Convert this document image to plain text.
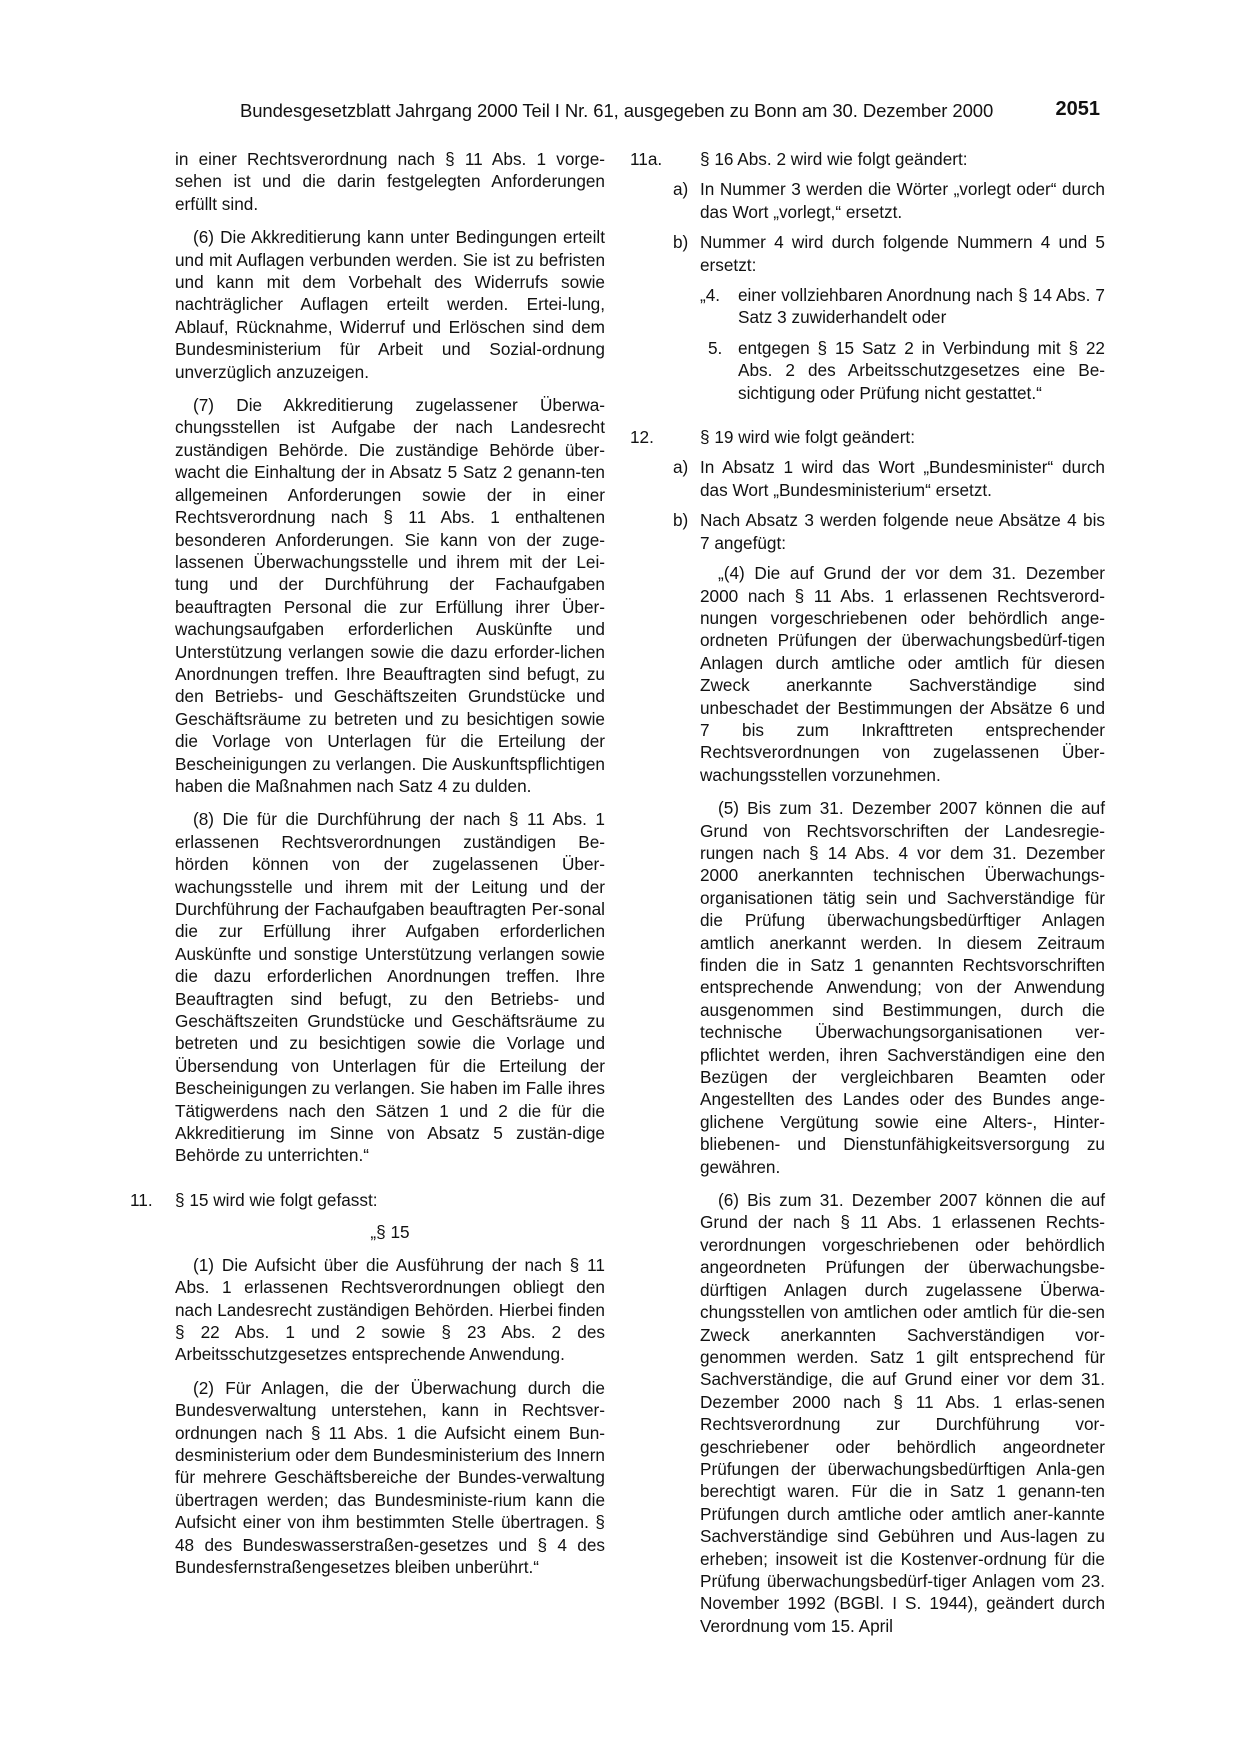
Bundesgesetzblatt Jahrgang 2000 Teil I Nr. 61, ausgegeben zu Bonn am 30. Dezember 2000	2051

in einer Rechtsverordnung nach § 11 Abs. 1 vorge-sehen ist und die darin festgelegten Anforderungen erfüllt sind.

(6) Die Akkreditierung kann unter Bedingungen erteilt und mit Auflagen verbunden werden. Sie ist zu befristen und kann mit dem Vorbehalt des Widerrufs sowie nachträglicher Auflagen erteilt werden. Ertei-lung, Ablauf, Rücknahme, Widerruf und Erlöschen sind dem Bundesministerium für Arbeit und Sozial-ordnung unverzüglich anzuzeigen.

(7) Die Akkreditierung zugelassener Überwa-chungsstellen ist Aufgabe der nach Landesrecht zuständigen Behörde. Die zuständige Behörde über-wacht die Einhaltung der in Absatz 5 Satz 2 genann-ten allgemeinen Anforderungen sowie der in einer Rechtsverordnung nach § 11 Abs. 1 enthaltenen besonderen Anforderungen. Sie kann von der zuge-lassenen Überwachungsstelle und ihrem mit der Lei-tung und der Durchführung der Fachaufgaben beauftragten Personal die zur Erfüllung ihrer Über-wachungsaufgaben erforderlichen Auskünfte und Unterstützung verlangen sowie die dazu erforder-lichen Anordnungen treffen. Ihre Beauftragten sind befugt, zu den Betriebs- und Geschäftszeiten Grundstücke und Geschäftsräume zu betreten und zu besichtigen sowie die Vorlage von Unterlagen für die Erteilung der Bescheinigungen zu verlangen. Die Auskunftspflichtigen haben die Maßnahmen nach Satz 4 zu dulden.

(8) Die für die Durchführung der nach § 11 Abs. 1 erlassenen Rechtsverordnungen zuständigen Be-hörden können von der zugelassenen Über-wachungsstelle und ihrem mit der Leitung und der Durchführung der Fachaufgaben beauftragten Per-sonal die zur Erfüllung ihrer Aufgaben erforderlichen Auskünfte und sonstige Unterstützung verlangen sowie die dazu erforderlichen Anordnungen treffen. Ihre Beauftragten sind befugt, zu den Betriebs- und Geschäftszeiten Grundstücke und Geschäftsräume zu betreten und zu besichtigen sowie die Vorlage und Übersendung von Unterlagen für die Erteilung der Bescheinigungen zu verlangen. Sie haben im Falle ihres Tätigwerdens nach den Sätzen 1 und 2 die für die Akkreditierung im Sinne von Absatz 5 zustän-dige Behörde zu unterrichten.“

11. § 15 wird wie folgt gefasst:
„§ 15

(1) Die Aufsicht über die Ausführung der nach § 11 Abs. 1 erlassenen Rechtsverordnungen obliegt den nach Landesrecht zuständigen Behörden. Hierbei finden § 22 Abs. 1 und 2 sowie § 23 Abs. 2 des Arbeitsschutzgesetzes entsprechende Anwendung.

(2) Für Anlagen, die der Überwachung durch die Bundesverwaltung unterstehen, kann in Rechtsver-ordnungen nach § 11 Abs. 1 die Aufsicht einem Bun-desministerium oder dem Bundesministerium des Innern für mehrere Geschäftsbereiche der Bundes-verwaltung übertragen werden; das Bundesministe-rium kann die Aufsicht einer von ihm bestimmten Stelle übertragen. § 48 des Bundeswasserstraßen-gesetzes und § 4 des Bundesfernstraßengesetzes bleiben unberührt.“

11a. § 16 Abs. 2 wird wie folgt geändert:
a) In Nummer 3 werden die Wörter „vorlegt oder“ durch das Wort „vorlegt,“ ersetzt.
b) Nummer 4 wird durch folgende Nummern 4 und 5 ersetzt:
„4. einer vollziehbaren Anordnung nach § 14 Abs. 7 Satz 3 zuwiderhandelt oder
5. entgegen § 15 Satz 2 in Verbindung mit § 22 Abs. 2 des Arbeitsschutzgesetzes eine Be-sichtigung oder Prüfung nicht gestattet.“
12.	§ 19 wird wie folgt geändert:
a) In Absatz 1 wird das Wort „Bundesminister“ durch das Wort „Bundesministerium“ ersetzt.
b) Nach Absatz 3 werden folgende neue Absätze 4 bis 7 angefügt:

„(4) Die auf Grund der vor dem 31. Dezember 2000 nach § 11 Abs. 1 erlassenen Rechtsverord-nungen vorgeschriebenen oder behördlich ange-ordneten Prüfungen der überwachungsbedürf-tigen Anlagen durch amtliche oder amtlich für diesen Zweck anerkannte Sachverständige sind unbeschadet der Bestimmungen der Absätze 6 und 7 bis zum Inkrafttreten entsprechender Rechtsverordnungen von zugelassenen Über-wachungsstellen vorzunehmen.

(5) Bis zum 31. Dezember 2007 können die auf Grund von Rechtsvorschriften der Landesregie-rungen nach § 14 Abs. 4 vor dem 31. Dezember 2000 anerkannten technischen Überwachungs-organisationen tätig sein und Sachverständige für die Prüfung überwachungsbedürftiger Anlagen amtlich anerkannt werden. In diesem Zeitraum finden die in Satz 1 genannten Rechtsvorschriften entsprechende Anwendung; von der Anwendung ausgenommen sind Bestimmungen, durch die technische Überwachungsorganisationen ver-pflichtet werden, ihren Sachverständigen eine den Bezügen der vergleichbaren Beamten oder Angestellten des Landes oder des Bundes ange-glichene Vergütung sowie eine Alters-, Hinter-bliebenen- und Dienstunfähigkeitsversorgung zu gewähren.

(6) Bis zum 31. Dezember 2007 können die auf Grund der nach § 11 Abs. 1 erlassenen Rechts-verordnungen vorgeschriebenen oder behördlich angeordneten Prüfungen der überwachungsbe-dürftigen Anlagen durch zugelassene Überwa-chungsstellen von amtlichen oder amtlich für die-sen Zweck anerkannten Sachverständigen vor-genommen werden. Satz 1 gilt entsprechend für Sachverständige, die auf Grund einer vor dem 31. Dezember 2000 nach § 11 Abs. 1 erlas-senen Rechtsverordnung zur Durchführung vor-geschriebener oder behördlich angeordneter Prüfungen der überwachungsbedürftigen Anla-gen berechtigt waren. Für die in Satz 1 genann-ten Prüfungen durch amtliche oder amtlich aner-kannte Sachverständige sind Gebühren und Aus-lagen zu erheben; insoweit ist die Kostenver-ordnung für die Prüfung überwachungsbedürf-tiger Anlagen vom 23. November 1992 (BGBl. I S. 1944), geändert durch Verordnung vom 15. April
